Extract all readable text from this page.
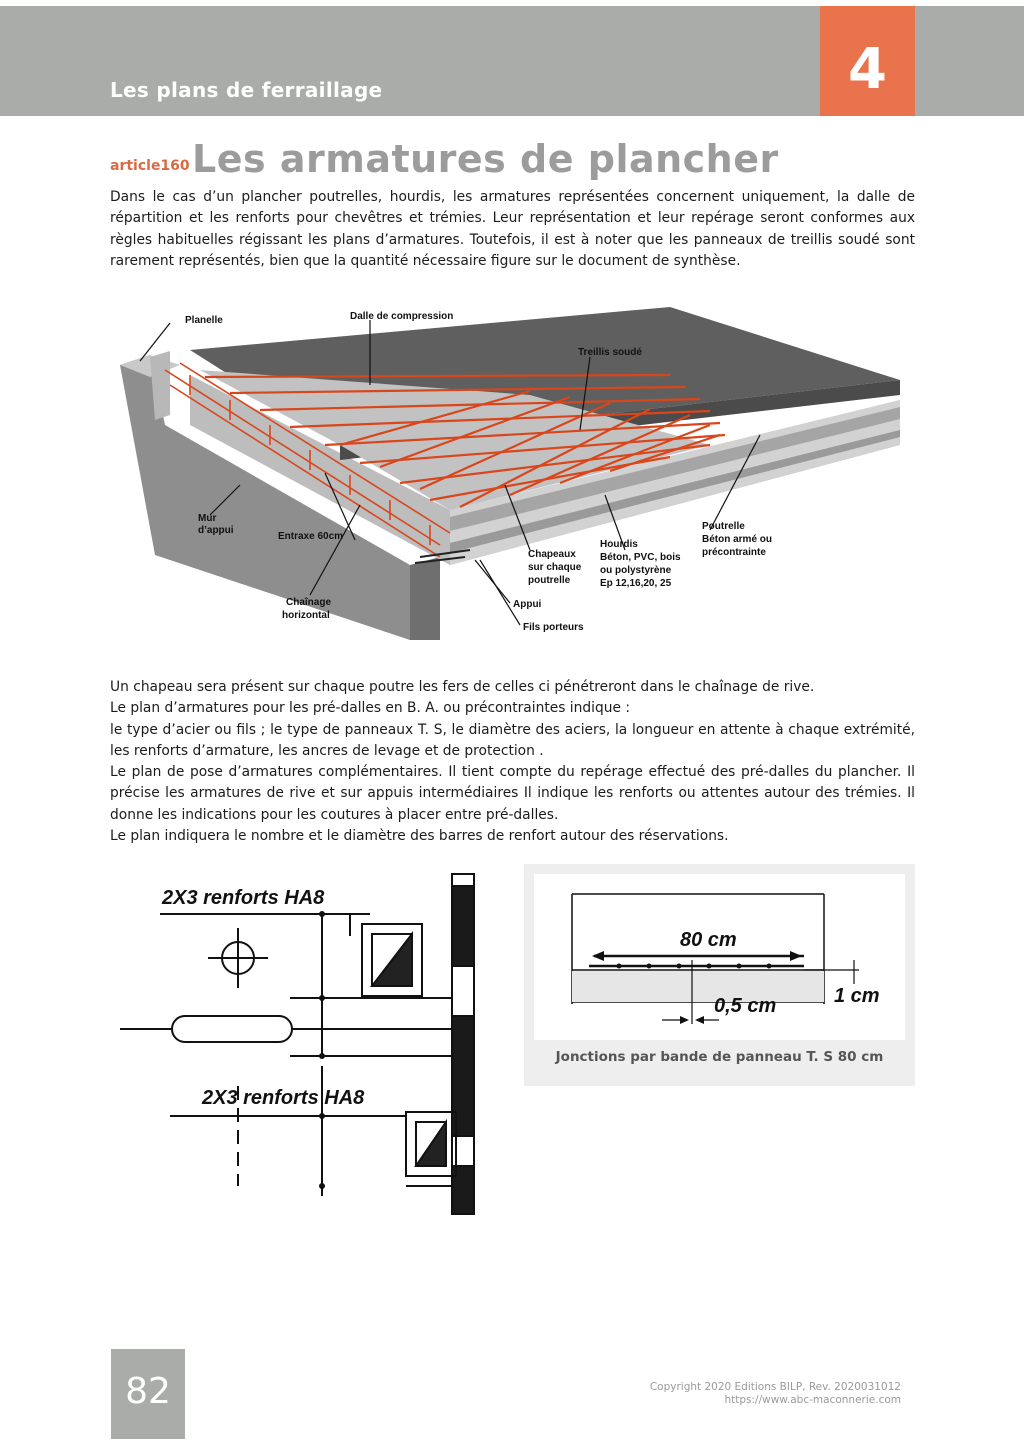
Les plans de ferraillage	4
article160 Les armatures de plancher

Dans le cas d’un plancher poutrelles, hourdis, les armatures représentées concernent uniquement, la dalle de répartition et les renforts pour chevêtres et trémies. Leur représentation et leur repérage seront conformes aux règles habituelles régissant les plans d’armatures. Toutefois, il est à noter que les panneaux de treillis soudé sont rarement représentés, bien que la quantité nécessaire figure sur le document de synthèse.

Planelle	Dalle de compression
Treillis soudé
Mur
d’appui
Entraxe 60cm
Chaînage
horizontal
Chapeaux
sur chaque
poutrelle
Hourdis
Béton, PVC, bois
ou polystyrène
Ep 12,16,20, 25
Poutrelle
Béton armé ou
précontrainte
Appui
Fils porteurs

Un chapeau sera présent sur chaque poutre les fers de celles ci pénétreront dans le chaînage de rive.

Le plan d’armatures pour les pré-dalles en B. A. ou précontraintes indique :

le type d’acier ou fils ; le type de panneaux T. S, le diamètre des aciers, la longueur en attente à chaque extrémité, les renforts d’armature, les ancres de levage et de protection .

Le plan de pose d’armatures complémentaires. Il tient compte du repérage effectué des pré-dalles du plancher. Il précise les armatures de rive et sur appuis intermédiaires Il indique les renforts ou attentes autour des trémies. Il donne les indications pour les coutures à placer entre pré-dalles.

Le plan indiquera le nombre et le diamètre des barres de renfort autour des réservations.

2X3 renforts HA8
2X3 renforts HA8
80 cm
0,5 cm	1 cm
Jonctions par bande de panneau T. S 80 cm
82	Copyright 2020 Editions BILP, Rev. 2020031012
https://www.abc-maconnerie.com
